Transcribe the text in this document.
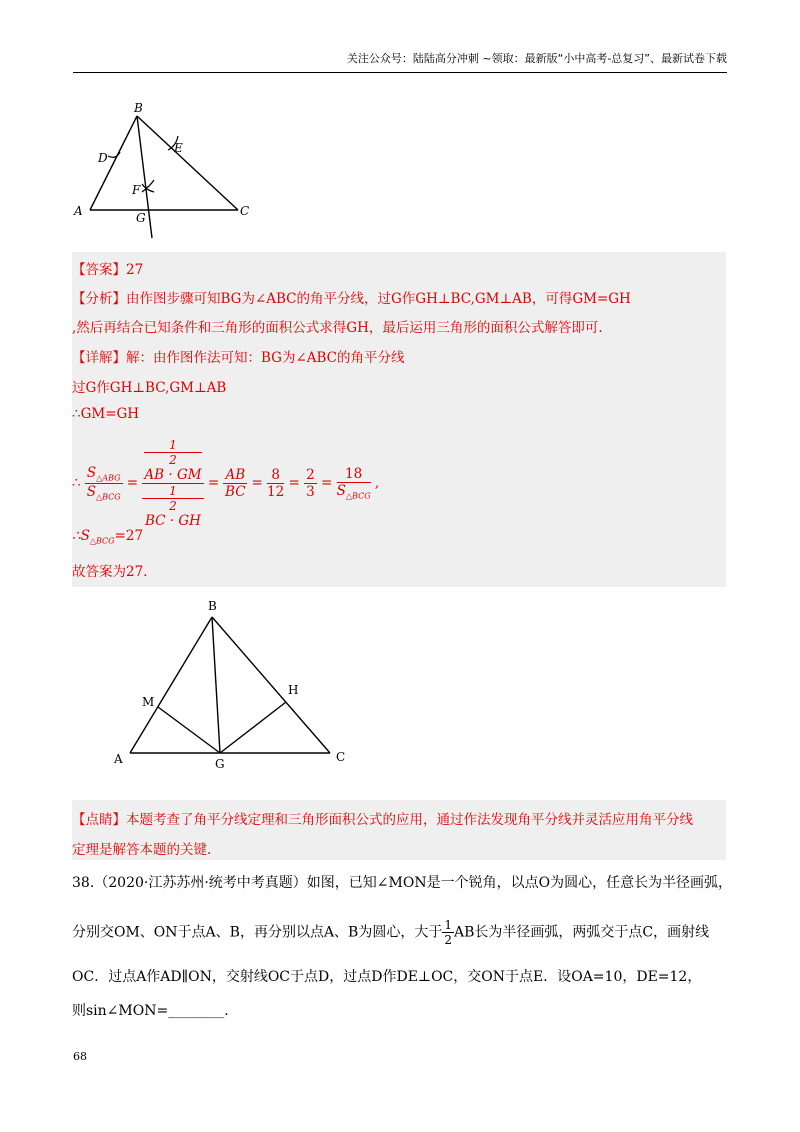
关注公众号：陆陆高分冲刺 ~领取：最新版“小中高考-总复习”、最新试卷下载
B
D
E
F
A	G	C
【答案】27
【分析】由作图步骤可知BG为∠ABC的角平分线，过G作GH⊥BC,GM⊥AB，可得GM=GH
,然后再结合已知条件和三角形的面积公式求得GH，最后运用三角形的面积公式解答即可.
【详解】解：由作图作法可知：BG为∠ABC的角平分线
过G作GH⊥BC,GM⊥AB
∴GM=GH
∴ $\frac{S_{\triangle ABG}}{S_{\triangle BCG}} = 1$
2
AB · GM
1
2
BC · GH = $\frac{AB}{BC} = \frac{8}{12} = \frac{2}{3} = \frac{18}{S_{\triangle BCG}}$ ,
$\therefore S_{\triangle BCG}=27$
故答案为27.
B
M
H
A	G	C
【点睛】本题考查了角平分线定理和三角形面积公式的应用，通过作法发现角平分线并灵活应用角平分线
定理是解答本题的关键.
38.（2020·江苏苏州·统考中考真题）如图，已知∠MON是一个锐角，以点O为圆心，任意长为半径画弧，
分别交OM、ON于点A、B，再分别以点A、B为圆心，大于 $\frac{1}{2}$ AB长为半径画弧，两弧交于点C，画射线
OC．过点A作AD∥ON，交射线OC于点D，过点D作DE⊥OC，交ON于点E．设OA=10，DE=12，
则sin∠MON=________.
68
